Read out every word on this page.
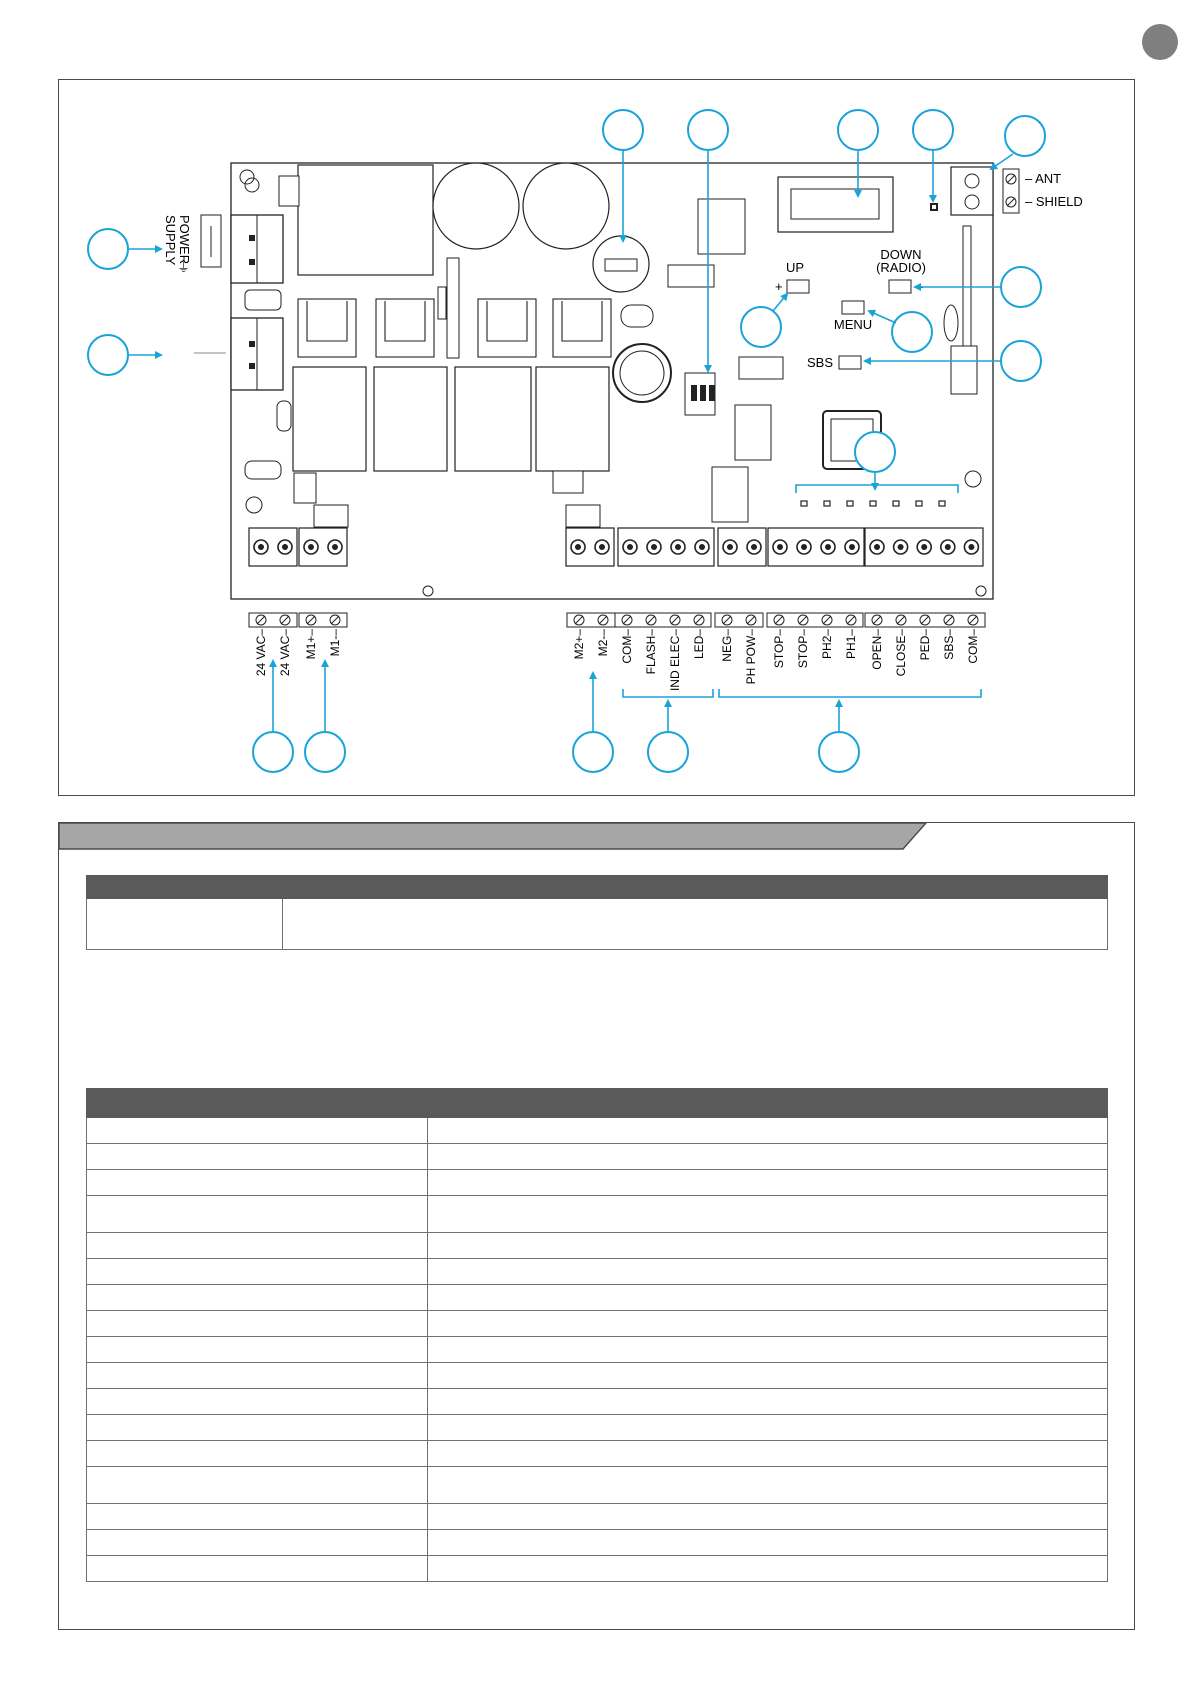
– ANT
– SHIELD
UP
+
DOWN
(RADIO)
-
MENU
SBS
POWER
SUPPLY
⏚
24 VAC– 24 VAC– M1+– M1-–	M2+– M2-– COM– FLASH– IND ELEC– LED– NEG– PH POW– STOP– STOP– PH2– PH1– OPEN– CLOSE– PED– SBS– COM–
